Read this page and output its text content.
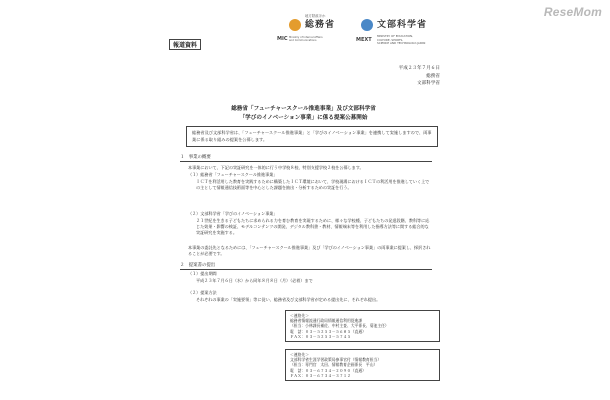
ReseMom
報道資料
地方財政ほか
総務省
MIC Ministry of Internal Affairs and Communications
文部科学省
MEXT
MINISTRY OF EDUCATION,
CULTURE, SPORTS,
SCIENCE AND TECHNOLOGY-JAPAN
平成２３年７月６日
総務省
文部科学省
総務省「フューチャースクール推進事業」及び文部科学省
「学びのイノベーション事業」に係る提案公募開始
総務省及び文部科学省は、「フューチャースクール推進事業」と「学びのイノベーション事業」を連携して実施しますので、両事業に係る取り組みの提案を公募します。
１　事業の概要
本事業において、下記の実証研究を一体的に行う中学校８校、特別支援学校２校を公募します。
（１）総務省「フューチャースクール推進事業」
ＩＣＴを利活用した教育を実践するために構築したＩＣＴ環境において、学校現場におけるＩＣＴの利活用を推進していく上での主として情報通信技術面等を中心とした課題を抽出・分析するための実証を行う。
（２）文部科学省「学びのイノベーション事業」
２１世紀を生きる子どもたちに求められる力を育む教育を実現するために、様々な学校種、子どもたちの発達段階、教科等に応じた効果・影響の検証、モデルコンテンツの開発、デジタル教科書・教材、情報端末等を利用した指導方法等に関する総合的な実証研究を実施する。
本事業の委託先となるためには、「フューチャースクール推進事業」及び「学びのイノベーション事業」の両事業に提案し、採択されることが必要です。
２　提案書の提出
（１）提出期間
平成２３年７月６日（水）から同年８月８日（月）（必着）まで
（２）提案方法
それぞれの事業の「実施要領」等に従い、総務省及び文部科学省が定める提出先に、それぞれ提出。
＜連絡先＞
総務省情報流通行政局情報通信利用促進課
（担当：小林課長補佐、中村主査、大平係長、菊池主任）
電　話：０３－５２５３－５６８５（直通）
ＦＡＸ：０３－５２５３－５７４５
＜連絡先＞
文部科学省生涯学習政策局参事官付（情報教育担当）
（担当：専門官　太田、情報教育企画係長　平山）
電　話：０３－６７３４－２０９０（直通）
ＦＡＸ：０３－６７３４－３７１２
